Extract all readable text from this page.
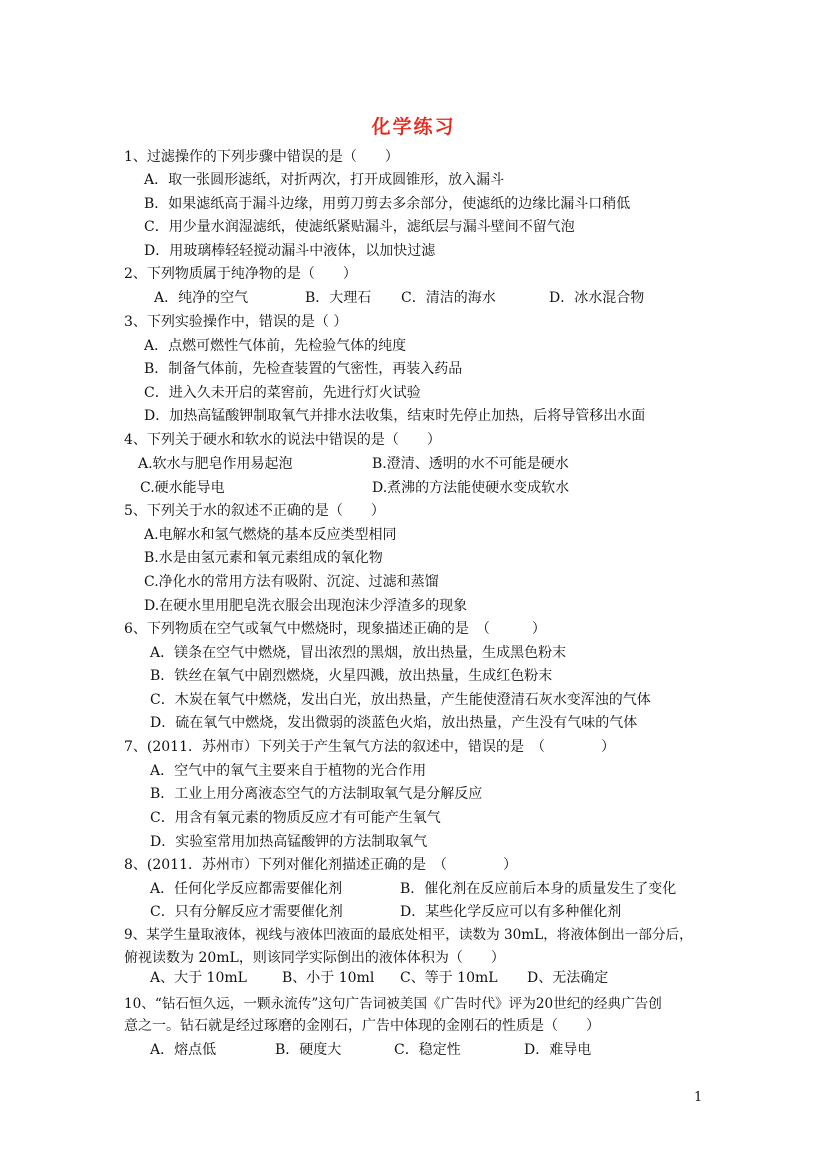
化学练习
1、过滤操作的下列步骤中错误的是（　　）
A．取一张圆形滤纸，对折两次，打开成圆锥形，放入漏斗
B．如果滤纸高于漏斗边缘，用剪刀剪去多余部分，使滤纸的边缘比漏斗口稍低
C．用少量水润湿滤纸，使滤纸紧贴漏斗，滤纸层与漏斗壁间不留气泡
D．用玻璃棒轻轻搅动漏斗中液体，以加快过滤
2、下列物质属于纯净物的是（　　）
A．纯净的空气	B．大理石 C．清洁的海水	D．冰水混合物
3、下列实验操作中，错误的是（ ）
A．点燃可燃性气体前，先检验气体的纯度
B．制备气体前，先检查装置的气密性，再装入药品
C．进入久未开启的菜窖前，先进行灯火试验
D．加热高锰酸钾制取氧气并排水法收集，结束时先停止加热，后将导管移出水面
4、下列关于硬水和软水的说法中错误的是（　　）
A.软水与肥皂作用易起泡	B.澄清、透明的水不可能是硬水
C.硬水能导电	D.煮沸的方法能使硬水变成软水
5、下列关于水的叙述不正确的是（　　）
A.电解水和氢气燃烧的基本反应类型相同
B.水是由氢元素和氧元素组成的氧化物
C.净化水的常用方法有吸附、沉淀、过滤和蒸馏
D.在硬水里用肥皂洗衣服会出现泡沫少浮渣多的现象
6、下列物质在空气或氧气中燃烧时，现象描述正确的是　（　　　）
A．镁条在空气中燃烧，冒出浓烈的黑烟，放出热量，生成黑色粉末
B．铁丝在氧气中剧烈燃烧，火星四溅，放出热量，生成红色粉末
C．木炭在氧气中燃烧，发出白光，放出热量，产生能使澄清石灰水变浑浊的气体
D．硫在氧气中燃烧，发出微弱的淡蓝色火焰，放出热量，产生没有气味的气体
7、(2011．苏州市）下列关于产生氧气方法的叙述中，错误的是　（　　　　）
A．空气中的氧气主要来自于植物的光合作用
B．工业上用分离液态空气的方法制取氧气是分解反应
C．用含有氧元素的物质反应才有可能产生氧气
D．实验室常用加热高锰酸钾的方法制取氧气
8、(2011．苏州市）下列对催化剂描述正确的是　（　　　　）
A．任何化学反应都需要催化剂	B．催化剂在反应前后本身的质量发生了变化
C．只有分解反应才需要催化剂	D．某些化学反应可以有多种催化剂
9、某学生量取液体，视线与液体凹液面的最底处相平，读数为 30mL，将液体倒出一部分后，
俯视读数为 20mL，则该同学实际倒出的液体体积为（　　）
A、大于 10mL	B、小于 10ml C、等于 10mL D、无法确定
10、“钻石恒久远，一颗永流传”这句广告词被美国《广告时代》评为20世纪的经典广告创
意之一。钻石就是经过琢磨的金刚石，广告中体现的金刚石的性质是（　　）
A．熔点低	B．硬度大	C．稳定性	D．难导电
1
